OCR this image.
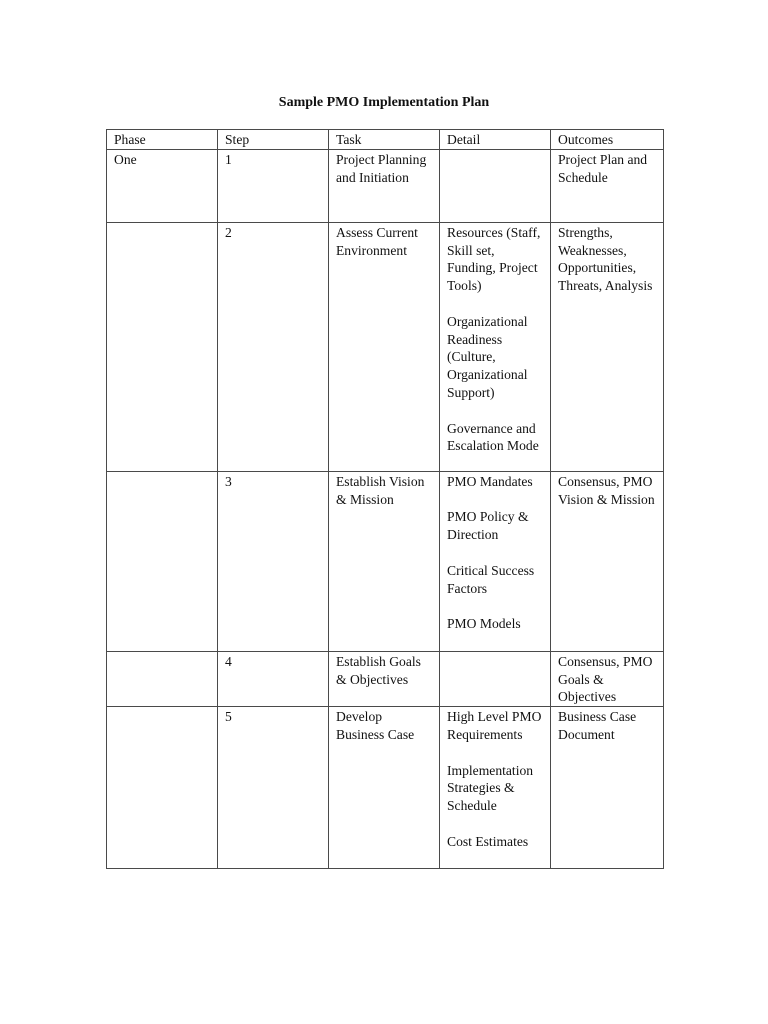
Sample PMO Implementation Plan
Phase	Step	Task	Detail	Outcomes
One	1	Project Planning and Initiation		Project Plan and Schedule

	2	Assess Current Environment	Resources (Staff, Skill set, Funding, Project Tools)
Organizational Readiness (Culture, Organizational Support)
Governance and Escalation Mode	Strengths, Weaknesses, Opportunities, Threats, Analysis

	3	Establish Vision & Mission	PMO Mandates
PMO Policy & Direction
Critical Success Factors
PMO Models	Consensus, PMO Vision & Mission

	4	Establish Goals & Objectives		Consensus, PMO Goals & Objectives

	5	Develop Business Case	High Level PMO Requirements
Implementation Strategies & Schedule
Cost Estimates	Business Case Document
